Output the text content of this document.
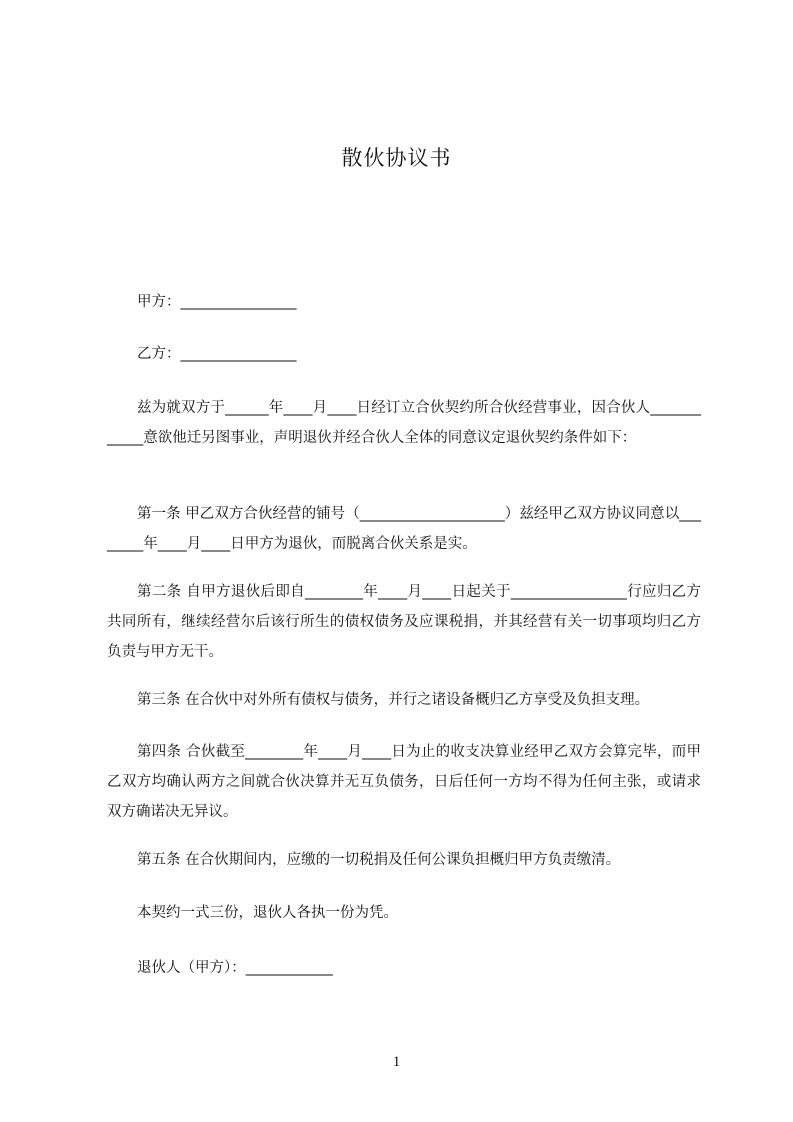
散伙协议书

甲方：________________

乙方：________________

兹为就双方于______年____月____日经订立合伙契约所合伙经营事业，因合伙人____________意欲他迁另图事业，声明退伙并经合伙人全体的同意议定退伙契约条件如下：

第一条 甲乙双方合伙经营的铺号（____________________）兹经甲乙双方协议同意以________年____月____日甲方为退伙，而脱离合伙关系是实。

第二条 自甲方退伙后即自________年____月____日起关于________________行应归乙方共同所有，继续经营尔后该行所生的债权债务及应课税捐，并其经营有关一切事项均归乙方负责与甲方无干。

第三条 在合伙中对外所有债权与债务，并行之诸设备概归乙方享受及负担支理。

第四条 合伙截至________年____月____日为止的收支决算业经甲乙双方会算完毕，而甲乙双方均确认两方之间就合伙决算并无互负债务，日后任何一方均不得为任何主张，或请求双方确诺决无异议。

第五条 在合伙期间内，应缴的一切税捐及任何公课负担概归甲方负责缴清。

本契约一式三份，退伙人各执一份为凭。

退伙人（甲方）：____________

1
